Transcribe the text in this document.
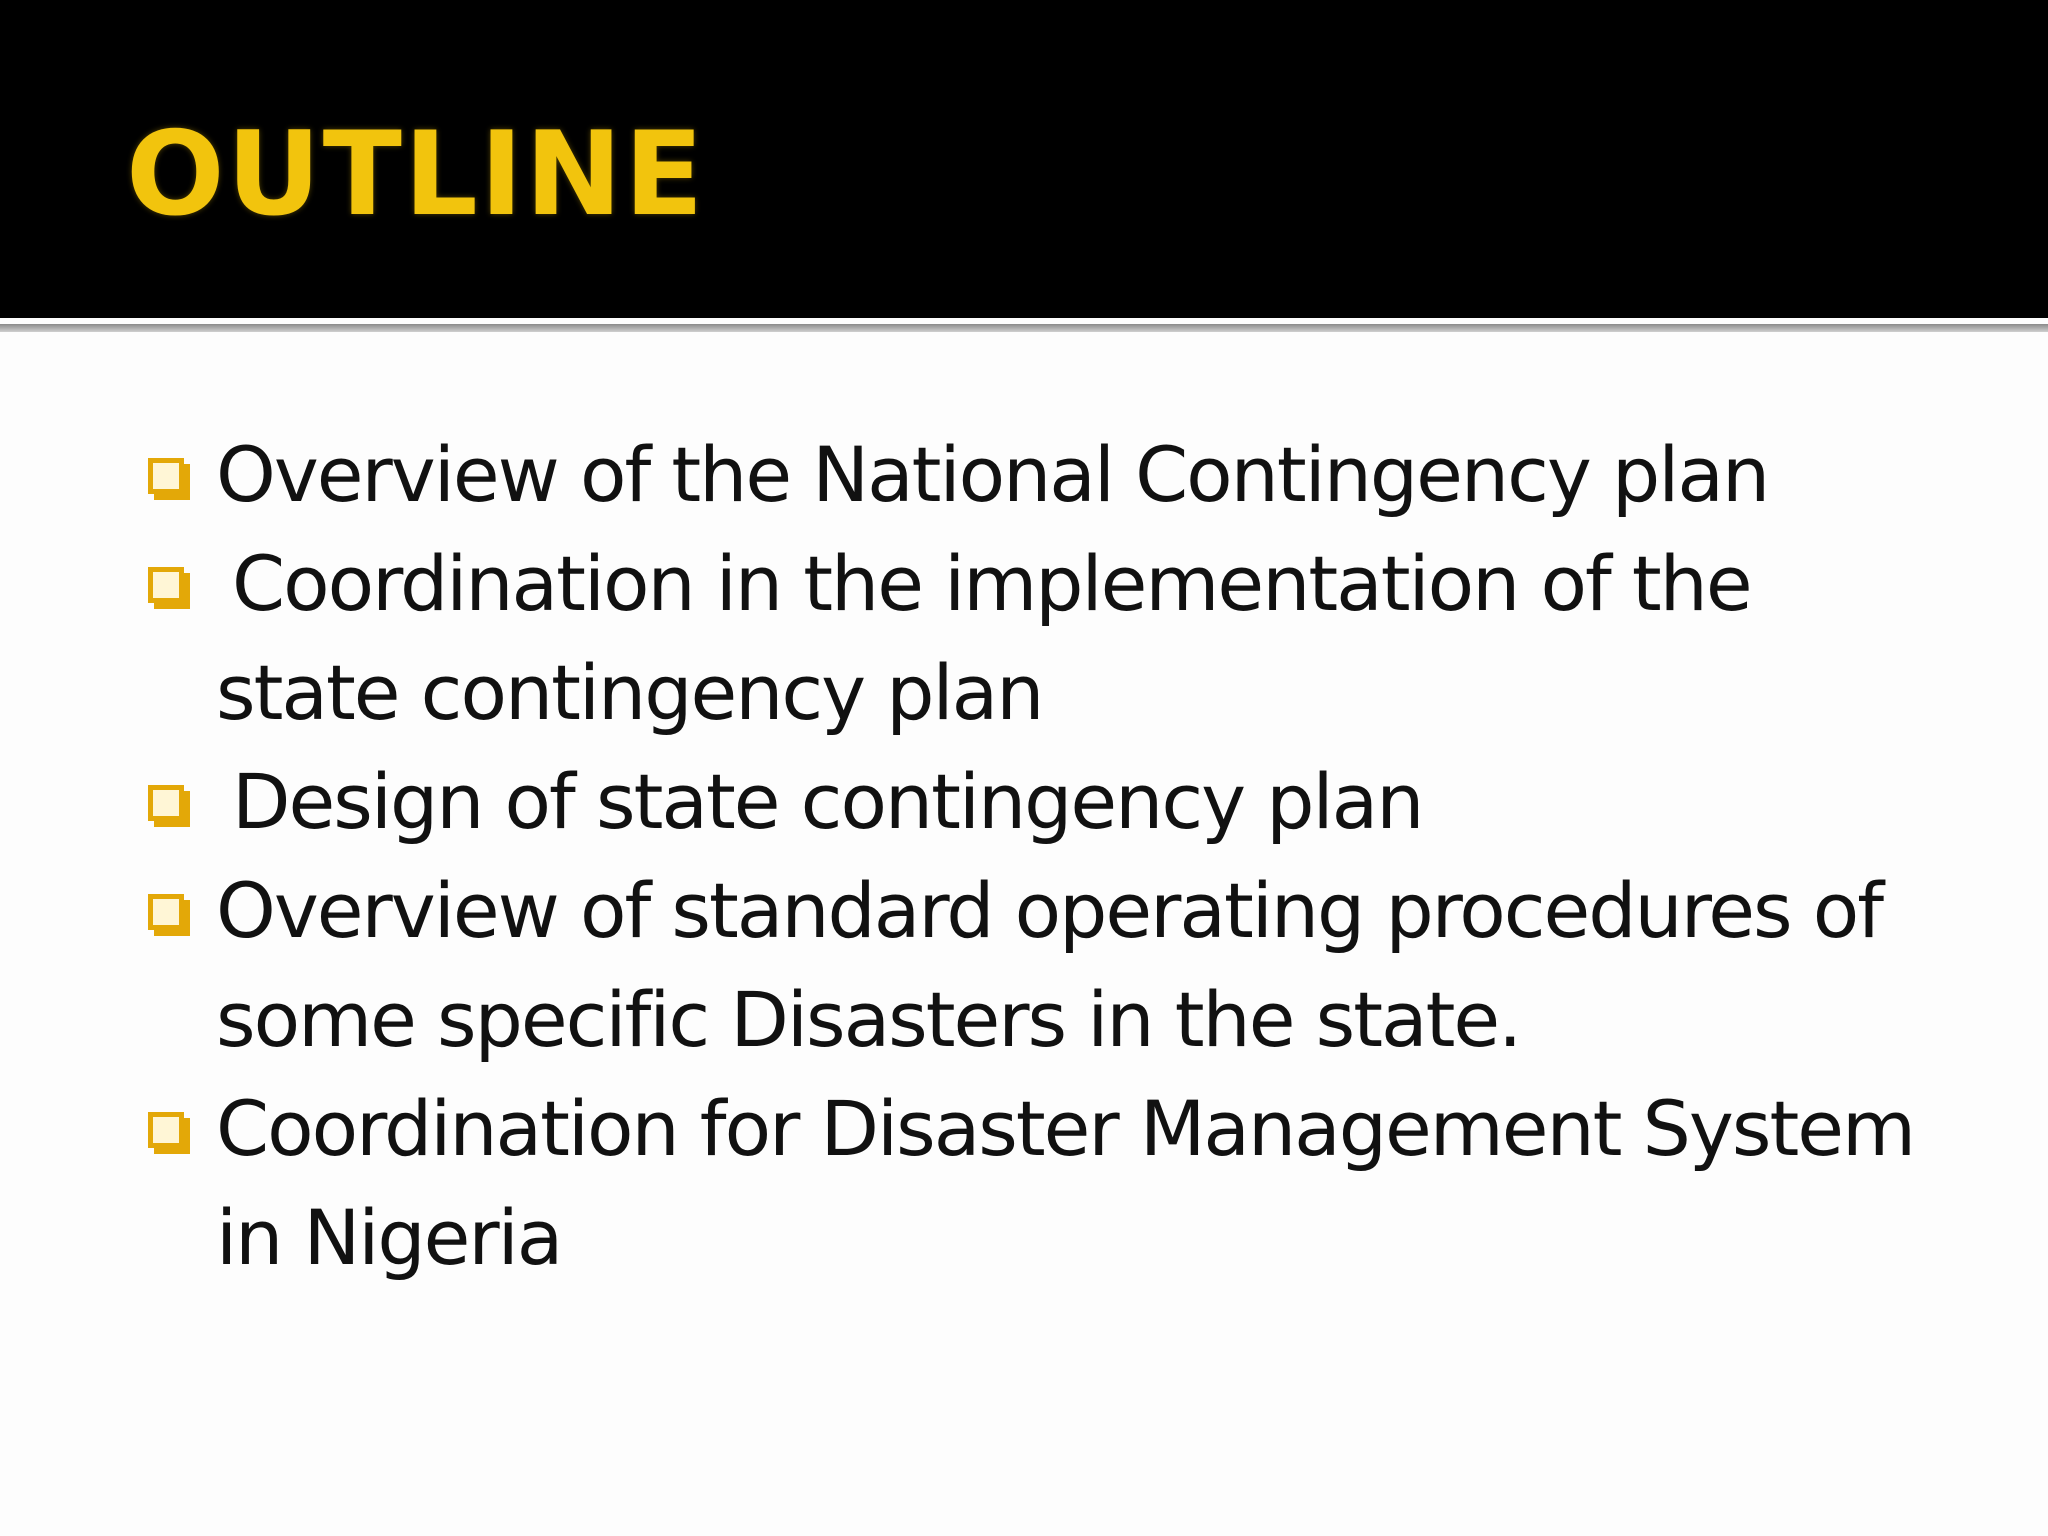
OUTLINE
Overview of the National Contingency plan
Coordination in the implementation of the state contingency plan
Design of state contingency plan
Overview of standard operating procedures of some specific Disasters in the state.
Coordination for Disaster Management System in Nigeria
